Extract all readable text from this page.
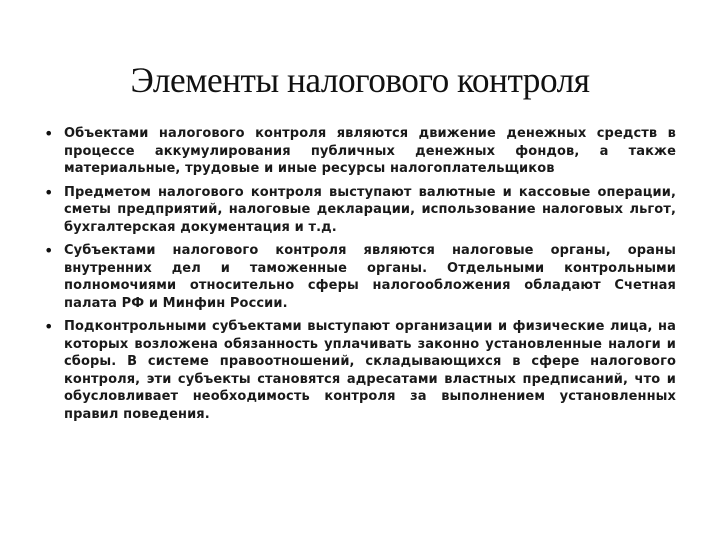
Элементы налогового контроля
• Объектами налогового контроля являются движение денежных средств в процессе аккумулирования публичных денежных фондов, а также материальные, трудовые и иные ресурсы налогоплательщиков
• Предметом налогового контроля выступают валютные и кассовые операции, сметы предприятий, налоговые декларации, использование налоговых льгот, бухгалтерская документация и т.д.
• Субъектами налогового контроля являются налоговые органы, ораны внутренних дел и таможенные органы. Отдельными контрольными полномочиями относительно сферы налогообложения обладают Счетная палата РФ и Минфин России.
• Подконтрольными субъектами выступают организации и физические лица, на которых возложена обязанность уплачивать законно установленные налоги и сборы. В системе правоотношений, складывающихся в сфере налогового контроля, эти субъекты становятся адресатами властных предписаний, что и обусловливает необходимость контроля за выполнением установленных правил поведения.
